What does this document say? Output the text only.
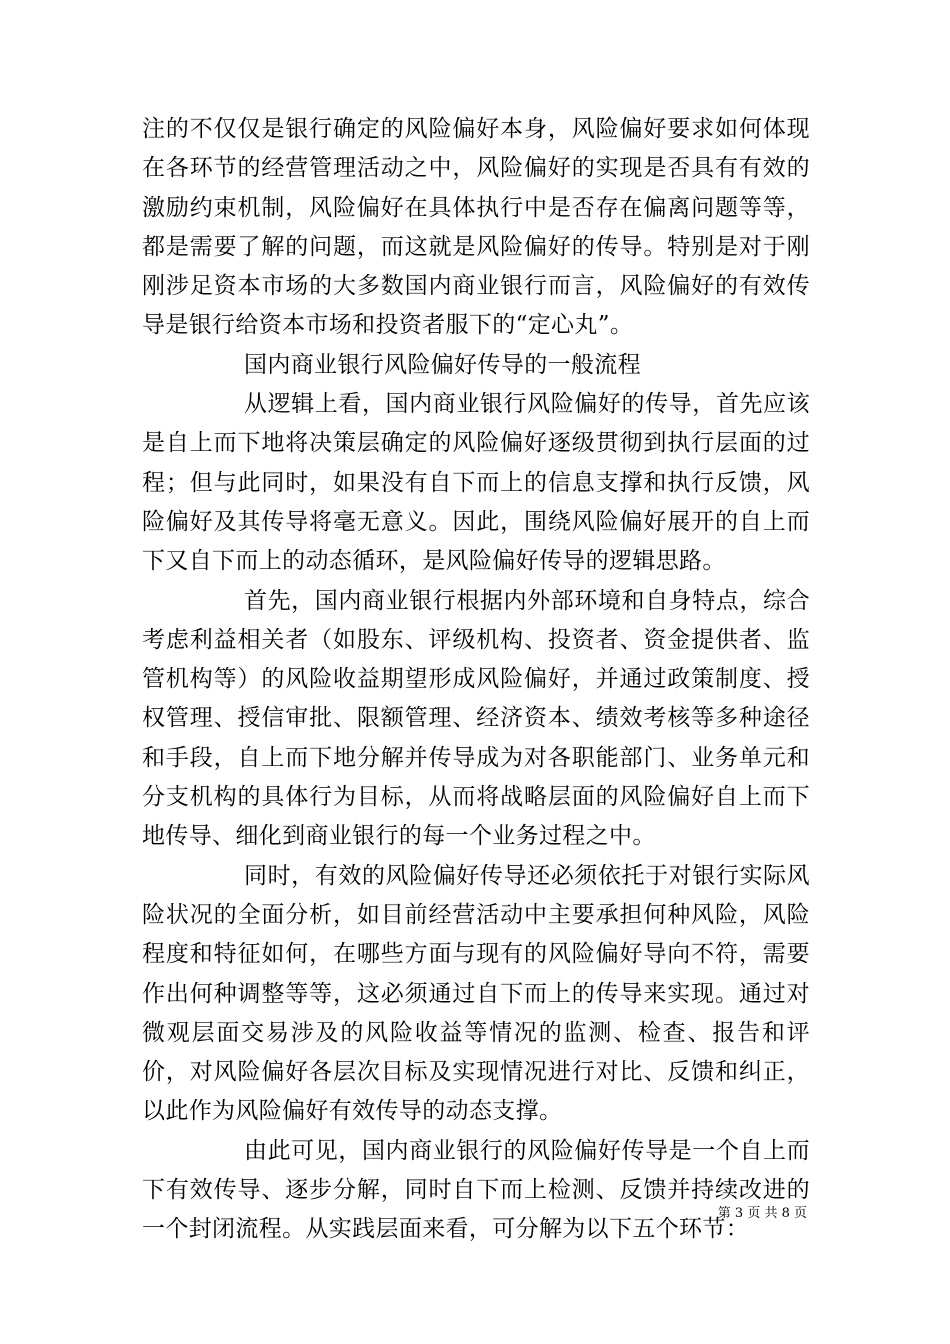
注的不仅仅是银行确定的风险偏好本身，风险偏好要求如何体现在各环节的经营管理活动之中，风险偏好的实现是否具有有效的激励约束机制，风险偏好在具体执行中是否存在偏离问题等等，都是需要了解的问题，而这就是风险偏好的传导。特别是对于刚刚涉足资本市场的大多数国内商业银行而言，风险偏好的有效传导是银行给资本市场和投资者服下的“定心丸”。

国内商业银行风险偏好传导的一般流程

从逻辑上看，国内商业银行风险偏好的传导，首先应该是自上而下地将决策层确定的风险偏好逐级贯彻到执行层面的过程；但与此同时，如果没有自下而上的信息支撑和执行反馈，风险偏好及其传导将毫无意义。因此，围绕风险偏好展开的自上而下又自下而上的动态循环，是风险偏好传导的逻辑思路。

首先，国内商业银行根据内外部环境和自身特点，综合考虑利益相关者（如股东、评级机构、投资者、资金提供者、监管机构等）的风险收益期望形成风险偏好，并通过政策制度、授权管理、授信审批、限额管理、经济资本、绩效考核等多种途径和手段，自上而下地分解并传导成为对各职能部门、业务单元和分支机构的具体行为目标，从而将战略层面的风险偏好自上而下地传导、细化到商业银行的每一个业务过程之中。

同时，有效的风险偏好传导还必须依托于对银行实际风险状况的全面分析，如目前经营活动中主要承担何种风险，风险程度和特征如何，在哪些方面与现有的风险偏好导向不符，需要作出何种调整等等，这必须通过自下而上的传导来实现。通过对微观层面交易涉及的风险收益等情况的监测、检查、报告和评价，对风险偏好各层次目标及实现情况进行对比、反馈和纠正，以此作为风险偏好有效传导的动态支撑。

由此可见，国内商业银行的风险偏好传导是一个自上而下有效传导、逐步分解，同时自下而上检测、反馈并持续改进的一个封闭流程。从实践层面来看，可分解为以下五个环节：

第 3 页 共 8 页
